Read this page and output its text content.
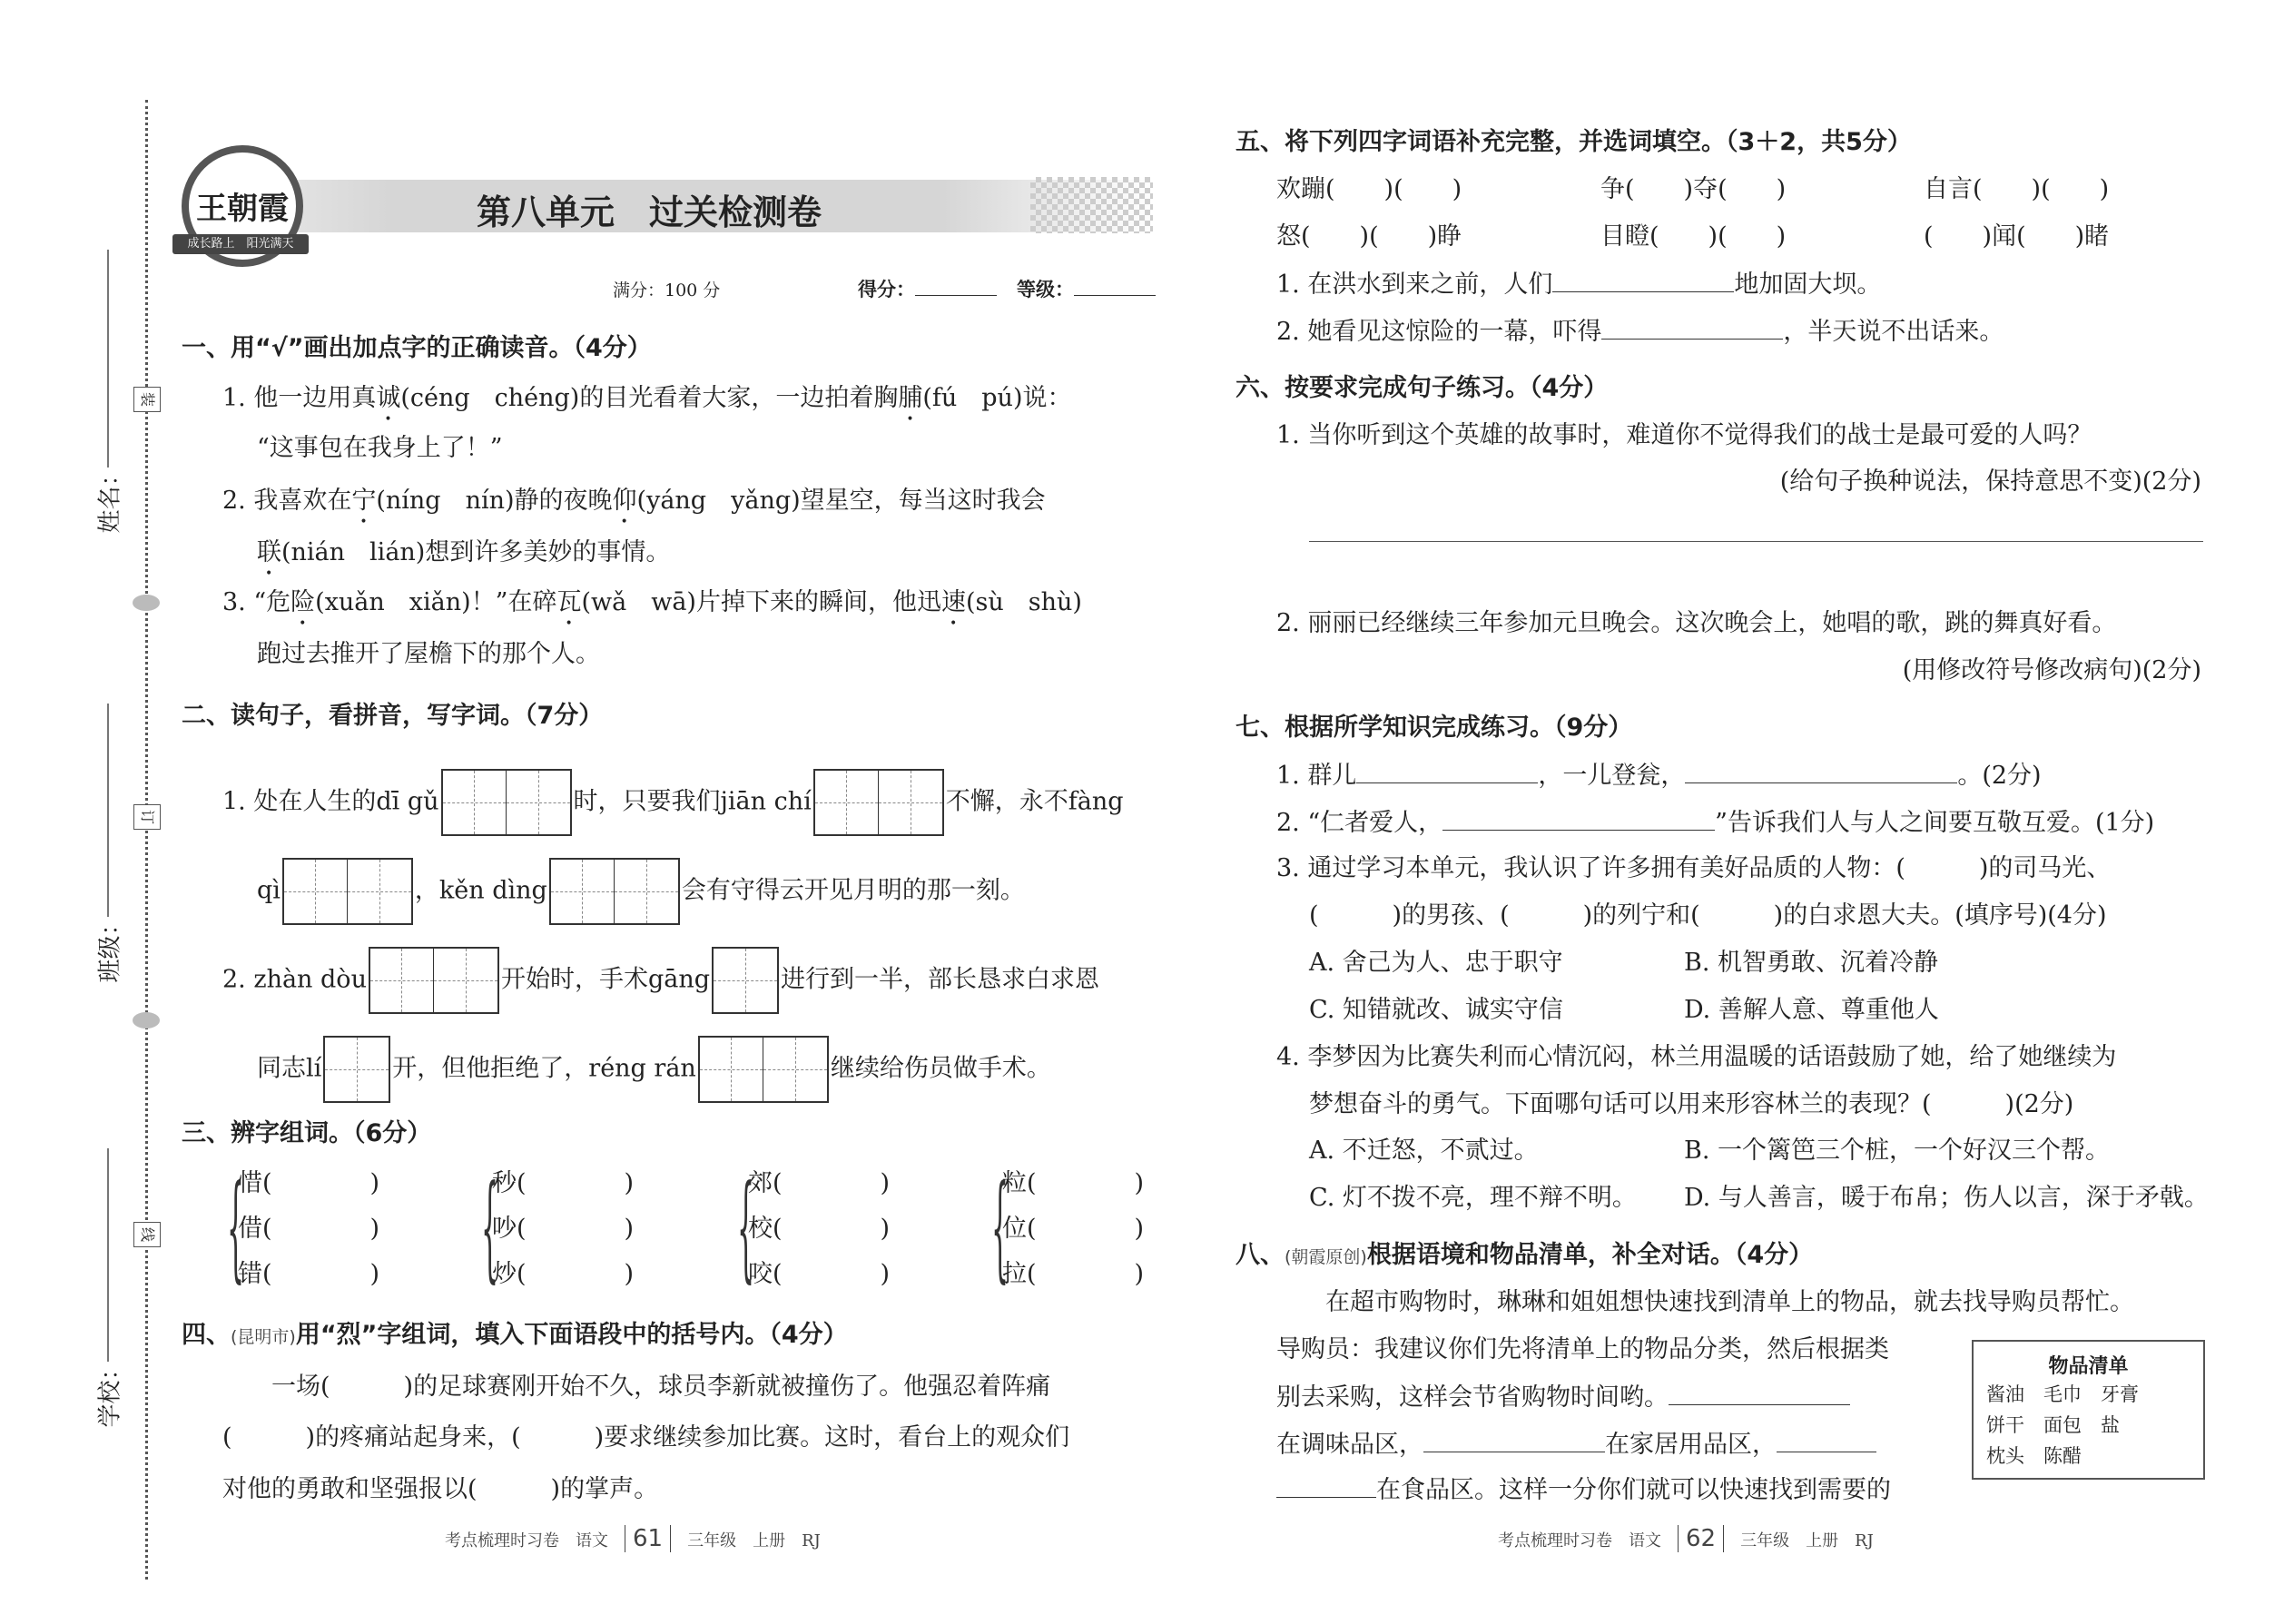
装
订
线
姓名：
班级：
学校：
王朝霞
成长路上　阳光满天
第八单元　过关检测卷
满分：100 分	得分：	等级：
一、用“√”画出加点字的正确读音。（4分）
1. 他一边用真诚(céng　chéng)的目光看着大家，一边拍着胸脯(fú　pú)说：
“这事包在我身上了！”
2. 我喜欢在宁(níng　nín)静的夜晚仰(yáng　yǎng)望星空，每当这时我会
联(nián　lián)想到许多美妙的事情。
3. “危险(xuǎn　xiǎn)！”在碎瓦(wǎ　wā)片掉下来的瞬间，他迅速(sù　shù)
跑过去推开了屋檐下的那个人。
二、读句子，看拼音，写字词。（7分）
1. 处在人生的dī gǔ	时，只要我们jiān chí	不懈，永不fàng
qì	，kěn dìng	会有守得云开见月明的那一刻。
2. zhàn dòu	开始时，手术gāng	进行到一半，部长恳求白求恩
同志lí	开，但他拒绝了，réng rán	继续给伤员做手术。
三、辨字组词。（6分）
{
惜(　　　　)
借(　　　　)
错(　　　　)	{
秒(　　　　)
吵(　　　　)
炒(　　　　)	{
郊(　　　　)
校(　　　　)
咬(　　　　)	{
粒(　　　　)
位(　　　　)
拉(　　　　)
四、(昆明市)用“烈”字组词，填入下面语段中的括号内。（4分）
　　一场(　　　)的足球赛刚开始不久，球员李新就被撞伤了。他强忍着阵痛
(　　　)的疼痛站起身来，(　　　)要求继续参加比赛。这时，看台上的观众们
对他的勇敢和坚强报以(　　　)的掌声。
考点梳理时习卷　语文 61 三年级　上册　RJ
五、将下列四字词语补充完整，并选词填空。（3＋2，共5分）
欢蹦(　　)(　　)	争(　　)夺(　　)	自言(　　)(　　)
怒(　　)(　　)睁	目瞪(　　)(　　)	(　　)闻(　　)睹
1. 在洪水到来之前，人们	地加固大坝。
2. 她看见这惊险的一幕，吓得	，半天说不出话来。
六、按要求完成句子练习。（4分）
1. 当你听到这个英雄的故事时，难道你不觉得我们的战士是最可爱的人吗？
(给句子换种说法，保持意思不变)(2分)
2. 丽丽已经继续三年参加元旦晚会。这次晚会上，她唱的歌，跳的舞真好看。
(用修改符号修改病句)(2分)
七、根据所学知识完成练习。（9分）
1. 群儿	，一儿登瓮，	。(2分)
2. “仁者爱人，	”告诉我们人与人之间要互敬互爱。(1分)
3. 通过学习本单元，我认识了许多拥有美好品质的人物：(　　　)的司马光、
(　　　)的男孩、(　　　)的列宁和(　　　)的白求恩大夫。(填序号)(4分)
A. 舍己为人、忠于职守	B. 机智勇敢、沉着冷静
C. 知错就改、诚实守信	D. 善解人意、尊重他人
4. 李梦因为比赛失利而心情沉闷，林兰用温暖的话语鼓励了她，给了她继续为
梦想奋斗的勇气。下面哪句话可以用来形容林兰的表现？(　　　)(2分)
A. 不迁怒，不贰过。	B. 一个篱笆三个桩，一个好汉三个帮。
C. 灯不拨不亮，理不辩不明。 D. 与人善言，暖于布帛；伤人以言，深于矛戟。
八、(朝霞原创)根据语境和物品清单，补全对话。（4分）
　　在超市购物时，琳琳和姐姐想快速找到清单上的物品，就去找导购员帮忙。
导购员：我建议你们先将清单上的物品分类，然后根据类
别去采购，这样会节省购物时间哟。
在调味品区，	在家居用品区，
在食品区。这样一分你们就可以快速找到需要的
物品清单
酱油　毛巾　牙膏
饼干　面包　盐
枕头　陈醋
考点梳理时习卷　语文 62 三年级　上册　RJ
